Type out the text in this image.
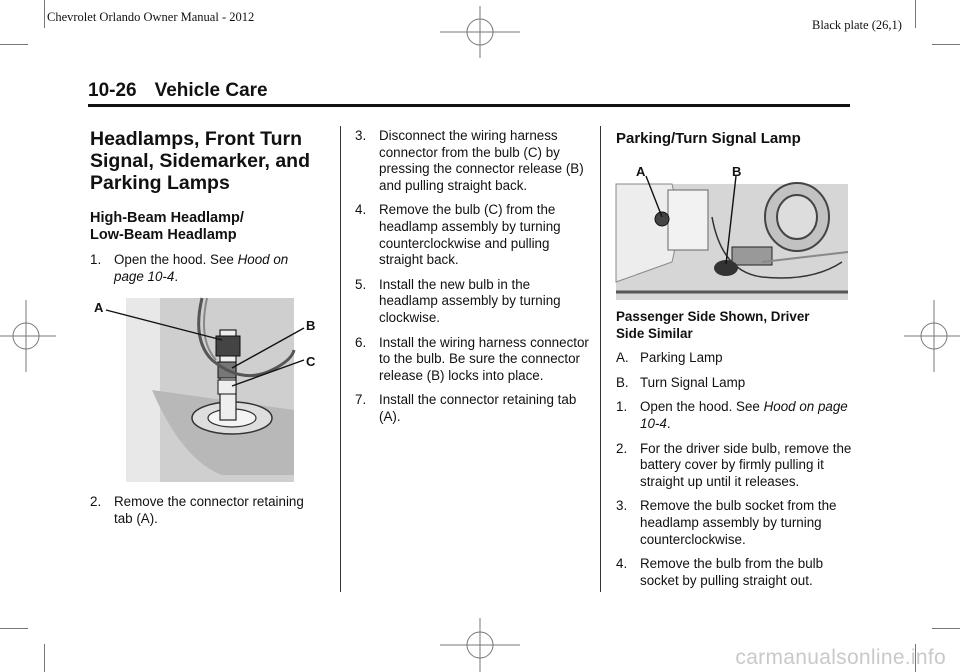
Chevrolet Orlando Owner Manual - 2012
Black plate (26,1)
10-26 Vehicle Care
Headlamps, Front Turn
Signal, Sidemarker, and
Parking Lamps
High-Beam Headlamp/
Low-Beam Headlamp
1. Open the hood. See Hood on page 10-4.
A
B
C
2. Remove the connector retaining tab (A).
3. Disconnect the wiring harness connector from the bulb (C) by pressing the connector release (B) and pulling straight back.
4. Remove the bulb (C) from the headlamp assembly by turning counterclockwise and pulling straight back.
5. Install the new bulb in the headlamp assembly by turning clockwise.
6. Install the wiring harness connector to the bulb. Be sure the connector release (B) locks into place.
7. Install the connector retaining tab (A).
Parking/Turn Signal Lamp
A	B
Passenger Side Shown, Driver
Side Similar
A. Parking Lamp
B. Turn Signal Lamp
1. Open the hood. See Hood on page 10-4.
2. For the driver side bulb, remove the battery cover by firmly pulling it straight up until it releases.
3. Remove the bulb socket from the headlamp assembly by turning counterclockwise.
4. Remove the bulb from the bulb socket by pulling straight out.
carmanualsonline.info
